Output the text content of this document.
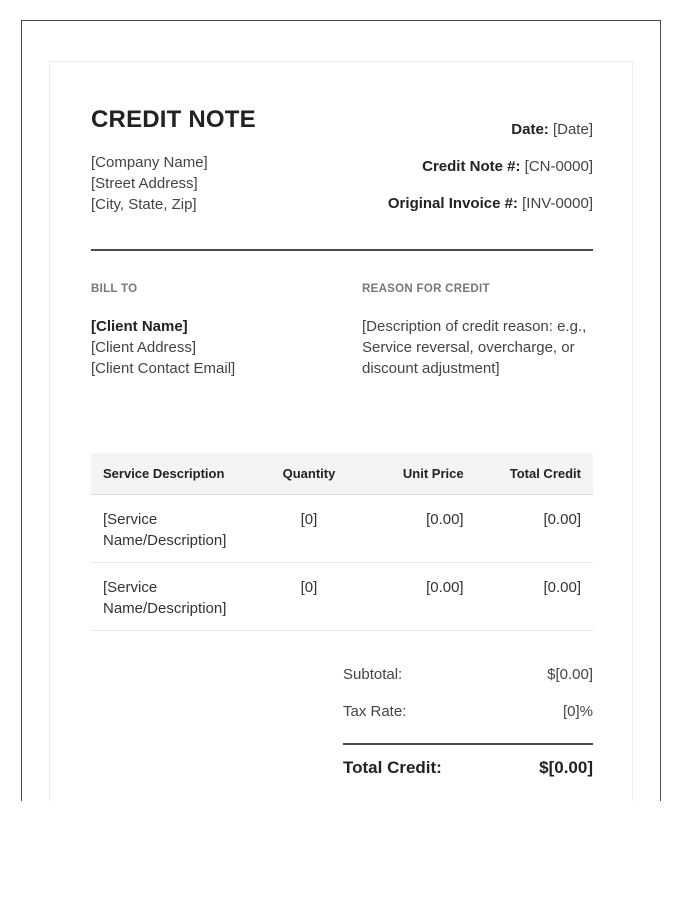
CREDIT NOTE
[Company Name]
[Street Address]
[City, State, Zip]
Date: [Date]
Credit Note #: [CN-0000]
Original Invoice #: [INV-0000]
BILL TO	REASON FOR CREDIT
[Client Name]
[Client Address]
[Client Contact Email]
[Description of credit reason: e.g., Service reversal, overcharge, or discount adjustment]
Service Description	Quantity	Unit Price	Total Credit
[Service Name/Description]	[0]	[0.00]	[0.00]
[Service Name/Description]	[0]	[0.00]	[0.00]
Subtotal:	$[0.00]
Tax Rate:	[0]%
Total Credit:	$[0.00]
